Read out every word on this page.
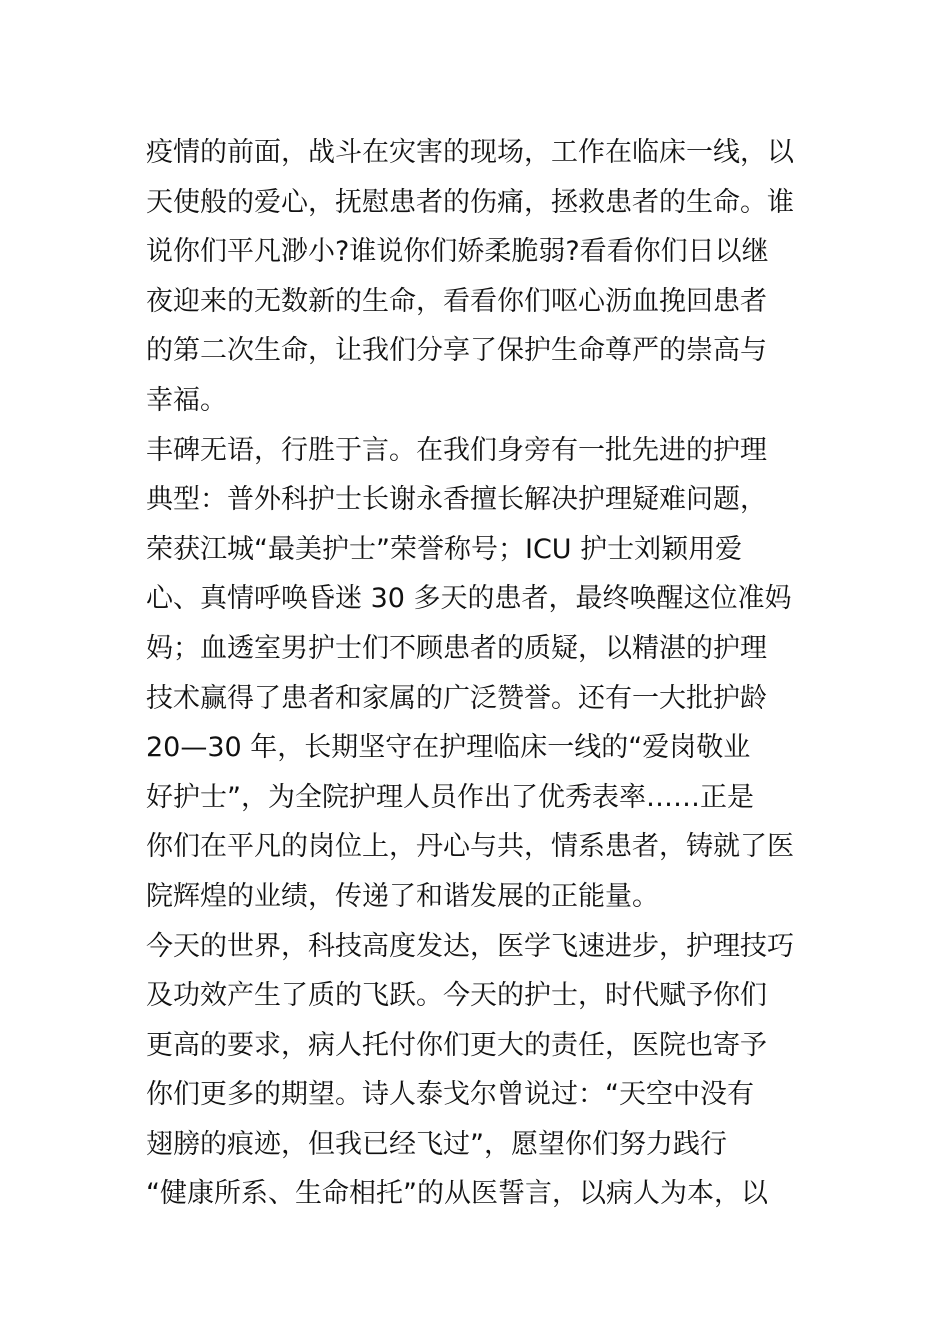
疫情的前面，战斗在灾害的现场，工作在临床一线，以
天使般的爱心，抚慰患者的伤痛，拯救患者的生命。谁
说你们平凡渺小?谁说你们娇柔脆弱?看看你们日以继
夜迎来的无数新的生命，看看你们呕心沥血挽回患者
的第二次生命，让我们分享了保护生命尊严的崇高与
幸福。
丰碑无语，行胜于言。在我们身旁有一批先进的护理
典型：普外科护士长谢永香擅长解决护理疑难问题，
荣获江城“最美护士”荣誉称号；ICU 护士刘颖用爱
心、真情呼唤昏迷 30 多天的患者，最终唤醒这位准妈
妈；血透室男护士们不顾患者的质疑，以精湛的护理
技术赢得了患者和家属的广泛赞誉。还有一大批护龄
20—30 年，长期坚守在护理临床一线的“爱岗敬业
好护士”，为全院护理人员作出了优秀表率……正是
你们在平凡的岗位上，丹心与共，情系患者，铸就了医
院辉煌的业绩，传递了和谐发展的正能量。
今天的世界，科技高度发达，医学飞速进步，护理技巧
及功效产生了质的飞跃。今天的护士，时代赋予你们
更高的要求，病人托付你们更大的责任，医院也寄予
你们更多的期望。诗人泰戈尔曾说过：“天空中没有
翅膀的痕迹，但我已经飞过”，愿望你们努力践行
“健康所系、生命相托”的从医誓言，以病人为本，以
